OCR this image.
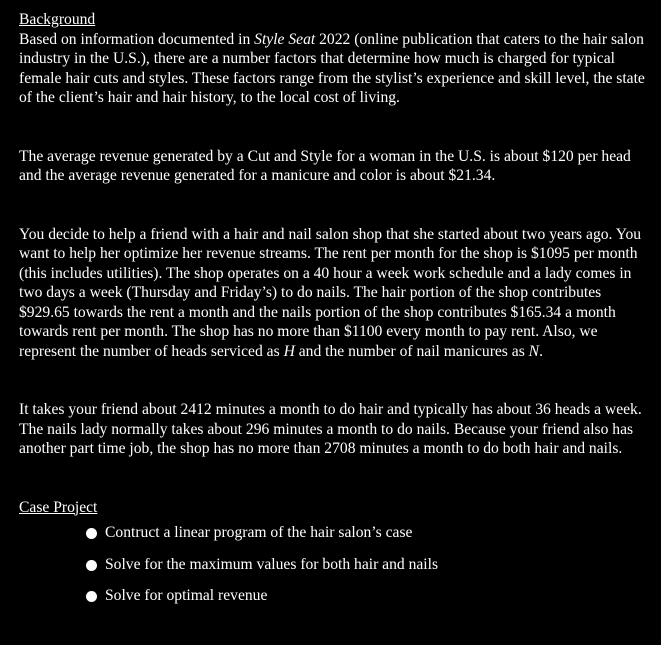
Background

Based on information documented in Style Seat 2022 (online publication that caters to the hair salon industry in the U.S.), there are a number factors that determine how much is charged for typical female hair cuts and styles. These factors range from the stylist’s experience and skill level, the state of the client’s hair and hair history, to the local cost of living.

The average revenue generated by a Cut and Style for a woman in the U.S. is about $120 per head and the average revenue generated for a manicure and color is about $21.34.

You decide to help a friend with a hair and nail salon shop that she started about two years ago. You want to help her optimize her revenue streams. The rent per month for the shop is $1095 per month (this includes utilities). The shop operates on a 40 hour a week work schedule and a lady comes in two days a week (Thursday and Friday’s) to do nails. The hair portion of the shop contributes $929.65 towards the rent a month and the nails portion of the shop contributes $165.34 a month towards rent per month. The shop has no more than $1100 every month to pay rent. Also, we represent the number of heads serviced as H and the number of nail manicures as N.

It takes your friend about 2412 minutes a month to do hair and typically has about 36 heads a week. The nails lady normally takes about 296 minutes a month to do nails. Because your friend also has another part time job, the shop has no more than 2708 minutes a month to do both hair and nails.

Case Project
Contruct a linear program of the hair salon’s case
Solve for the maximum values for both hair and nails
Solve for optimal revenue
